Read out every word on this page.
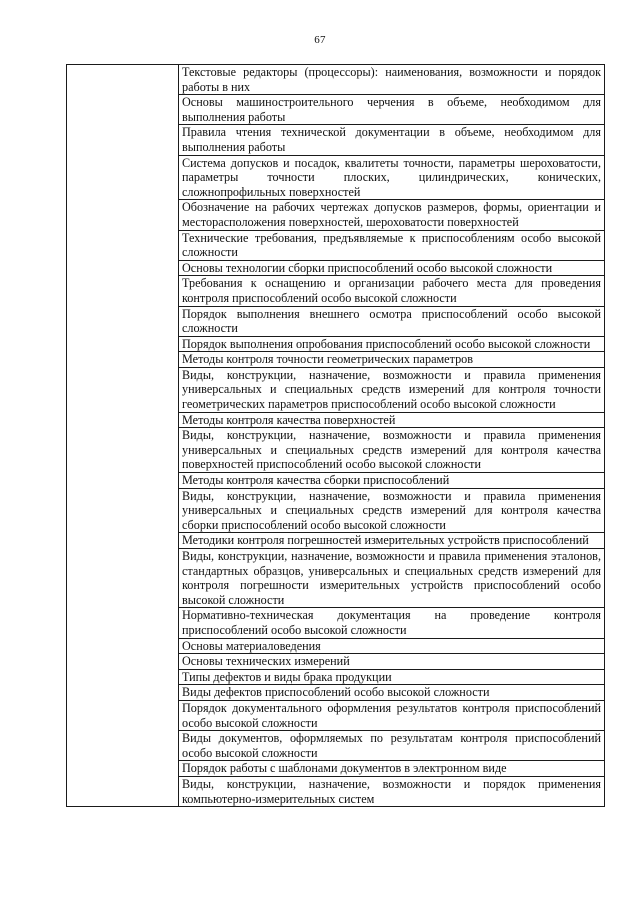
67

Текстовые редакторы (процессоры): наименования, возможности и порядок работы в них

Основы машиностроительного черчения в объеме, необходимом для выполнения работы

Правила чтения технической документации в объеме, необходимом для выполнения работы

Система допусков и посадок, квалитеты точности, параметры шероховатости, параметры точности плоских, цилиндрических, конических, сложнопрофильных поверхностей

Обозначение на рабочих чертежах допусков размеров, формы, ориентации и месторасположения поверхностей, шероховатости поверхностей

Технические требования, предъявляемые к приспособлениям особо высокой сложности

Основы технологии сборки приспособлений особо высокой сложности

Требования к оснащению и организации рабочего места для проведения контроля приспособлений особо высокой сложности

Порядок выполнения внешнего осмотра приспособлений особо высокой сложности

Порядок выполнения опробования приспособлений особо высокой сложности

Методы контроля точности геометрических параметров

Виды, конструкции, назначение, возможности и правила применения универсальных и специальных средств измерений для контроля точности геометрических параметров приспособлений особо высокой сложности

Методы контроля качества поверхностей

Виды, конструкции, назначение, возможности и правила применения универсальных и специальных средств измерений для контроля качества поверхностей приспособлений особо высокой сложности

Методы контроля качества сборки приспособлений

Виды, конструкции, назначение, возможности и правила применения универсальных и специальных средств измерений для контроля качества сборки приспособлений особо высокой сложности

Методики контроля погрешностей измерительных устройств приспособлений

Виды, конструкции, назначение, возможности и правила применения эталонов, стандартных образцов, универсальных и специальных средств измерений для контроля погрешности измерительных устройств приспособлений особо высокой сложности

Нормативно-техническая документация на проведение контроля приспособлений особо высокой сложности

Основы материаловедения

Основы технических измерений

Типы дефектов и виды брака продукции

Виды дефектов приспособлений особо высокой сложности

Порядок документального оформления результатов контроля приспособлений особо высокой сложности

Виды документов, оформляемых по результатам контроля приспособлений особо высокой сложности

Порядок работы с шаблонами документов в электронном виде

Виды, конструкции, назначение, возможности и порядок применения компьютерно-измерительных систем
